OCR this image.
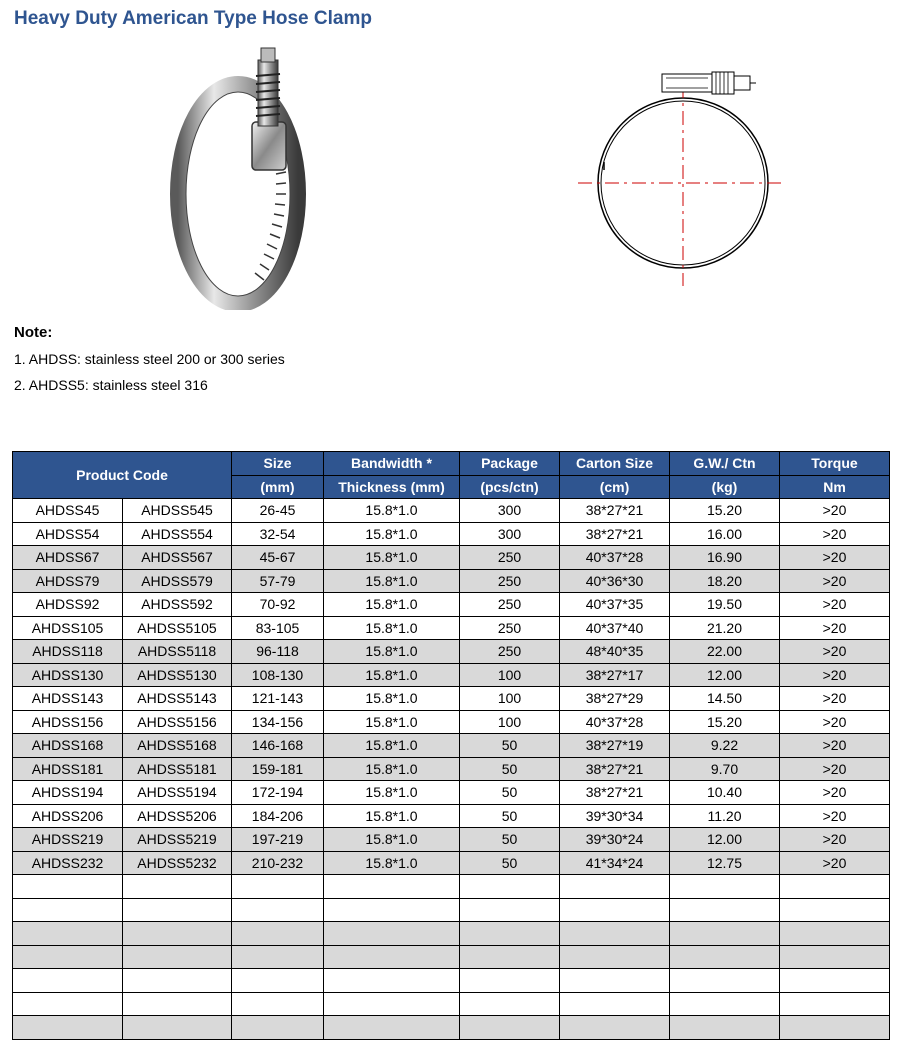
Heavy Duty American Type Hose Clamp
Note:
1. AHDSS: stainless steel 200 or 300 series
2. AHDSS5: stainless steel 316
Product Code		Size	Bandwidth *	Package	Carton Size	G.W./ Ctn	Torque
		(mm)	Thickness (mm)	(pcs/ctn)	(cm)	(kg)	Nm
AHDSS45	AHDSS545	26-45	15.8*1.0	300	38*27*21	15.20	>20
AHDSS54	AHDSS554	32-54	15.8*1.0	300	38*27*21	16.00	>20
AHDSS67	AHDSS567	45-67	15.8*1.0	250	40*37*28	16.90	>20
AHDSS79	AHDSS579	57-79	15.8*1.0	250	40*36*30	18.20	>20
AHDSS92	AHDSS592	70-92	15.8*1.0	250	40*37*35	19.50	>20
AHDSS105	AHDSS5105	83-105	15.8*1.0	250	40*37*40	21.20	>20
AHDSS118	AHDSS5118	96-118	15.8*1.0	250	48*40*35	22.00	>20
AHDSS130	AHDSS5130	108-130	15.8*1.0	100	38*27*17	12.00	>20
AHDSS143	AHDSS5143	121-143	15.8*1.0	100	38*27*29	14.50	>20
AHDSS156	AHDSS5156	134-156	15.8*1.0	100	40*37*28	15.20	>20
AHDSS168	AHDSS5168	146-168	15.8*1.0	50	38*27*19	9.22	>20
AHDSS181	AHDSS5181	159-181	15.8*1.0	50	38*27*21	9.70	>20
AHDSS194	AHDSS5194	172-194	15.8*1.0	50	38*27*21	10.40	>20
AHDSS206	AHDSS5206	184-206	15.8*1.0	50	39*30*34	11.20	>20
AHDSS219	AHDSS5219	197-219	15.8*1.0	50	39*30*24	12.00	>20
AHDSS232	AHDSS5232	210-232	15.8*1.0	50	41*34*24	12.75	>20
